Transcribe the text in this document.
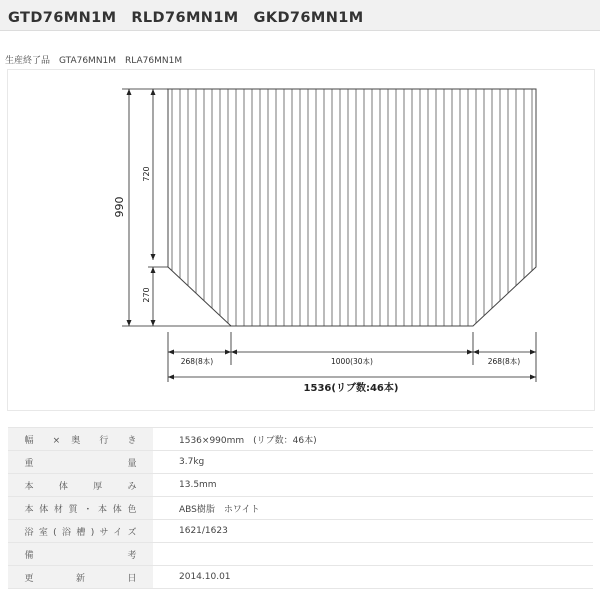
GTD76MN1M　RLD76MN1M　GKD76MN1M
生産終了品　GTA76MN1M　RLA76MN1M
990
720
270
268(8本)	1000(30本)	268(8本)
1536(リブ数:46本)
幅 × 奥 行 き	1536×990mm　(リブ数：46本)
重 量	3.7kg
本 体 厚 み	13.5mm
本体材質・本体色	ABS樹脂　ホワイト
浴室(浴槽)サイズ	1621/1623
備 考	
更 新 日	2014.10.01
